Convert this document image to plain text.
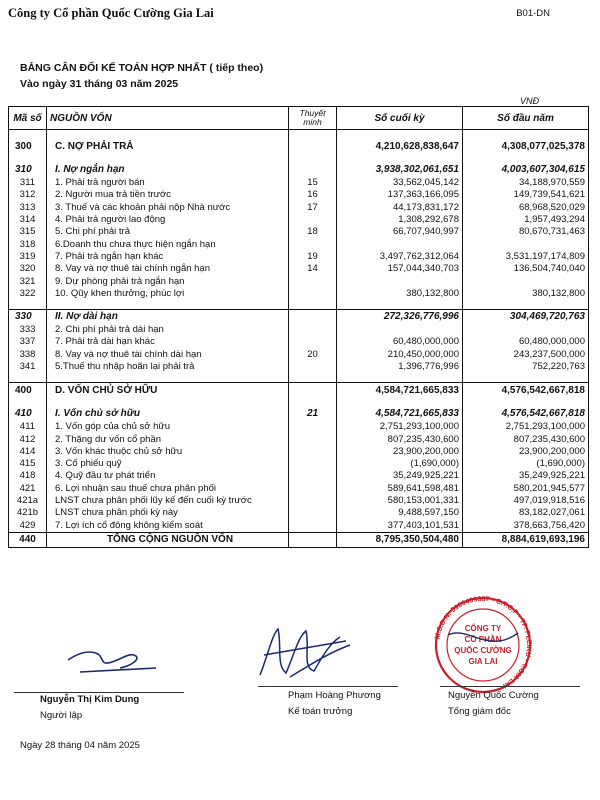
Công ty Cổ phần Quốc Cường Gia Lai	B01-DN
BẢNG CÂN ĐỐI KẾ TOÁN HỢP NHẤT ( tiếp theo)
Vào ngày 31 tháng 03 năm 2025
VNĐ
Mã số	NGUỒN VỐN	Thuyết minh	Số cuối kỳ	Số đầu năm

300	C. NỢ PHẢI TRẢ		4,210,628,838,647	4,308,077,025,378

310	I. Nợ ngắn hạn		3,938,302,061,651	4,003,607,304,615
311	1. Phải trả người bán	15	33,562,045,142	34,188,970,559
312	2. Người mua trả tiền trước	16	137,363,166,095	149,739,541,621
313	3. Thuế và các khoản phải nộp Nhà nước	17	44,173,831,172	68,968,520,029
314	4. Phải trả người lao động		1,308,292,678	1,957,493,294
315	5. Chi phí phải trả	18	66,707,940,997	80,670,731,463
318	6.Doanh thu chưa thực hiện ngắn hạn			
319	7. Phải trả ngắn hạn khác	19	3,497,762,312,064	3,531,197,174,809
320	8. Vay và nợ thuê tài chính ngắn hạn	14	157,044,340,703	136,504,740,040
321	9. Dự phòng phải trả ngắn hạn			
322	10. Qũy khen thưởng, phúc lợi		380,132,800	380,132,800

330	II. Nợ dài hạn		272,326,776,996	304,469,720,763
333	2. Chi phí phải trả dài hạn			
337	7. Phải trả dài hạn khác		60,480,000,000	60,480,000,000
338	8. Vay và nợ thuê tài chính dài hạn	20	210,450,000,000	243,237,500,000
341	5.Thuế thu nhập hoãn lại phải trả		1,396,776,996	752,220,763

400	D. VỐN CHỦ SỞ HỮU		4,584,721,665,833	4,576,542,667,818

410	I. Vốn chủ sở hữu	21	4,584,721,665,833	4,576,542,667,818
411	1. Vốn góp của chủ sở hữu		2,751,293,100,000	2,751,293,100,000
412	2. Thặng dư vốn cổ phần		807,235,430,600	807,235,430,600
414	3. Vốn khác thuộc chủ sở hữu		23,900,200,000	23,900,200,000
415	3. Cổ phiếu quỹ		(1,690,000)	(1,690,000)
418	4. Quỹ đầu tư phát triển		35,249,925,221	35,249,925,221
421	6. Lợi nhuận sau thuế chưa phân phối		589,641,598,481	580,201,945,577
421a	LNST chưa phân phối lũy kế đến cuối kỳ trước		580,153,001,331	497,019,918,516
421b	LNST chưa phân phối kỳ này		9,488,597,150	83,182,027,061
429	7. Lợi ích cổ đông không kiểm soát		377,403,101,531	378,663,756,420
440	TỔNG CỘNG NGUỒN VỐN		8,795,350,504,480	8,884,619,693,196
M.S.D.N: 5900409387 - C.T.C.P • TP. PLEIKU - T.GIA LAI
CÔNG TY
CỔ PHẦN
QUỐC CƯỜNG
GIA LAI
Nguyễn Thị Kim Dung
Người lập
Phạm Hoàng Phương
Kế toán trưởng
Nguyễn Quốc Cường
Tổng giám đốc
Ngày 28 tháng 04 năm 2025
